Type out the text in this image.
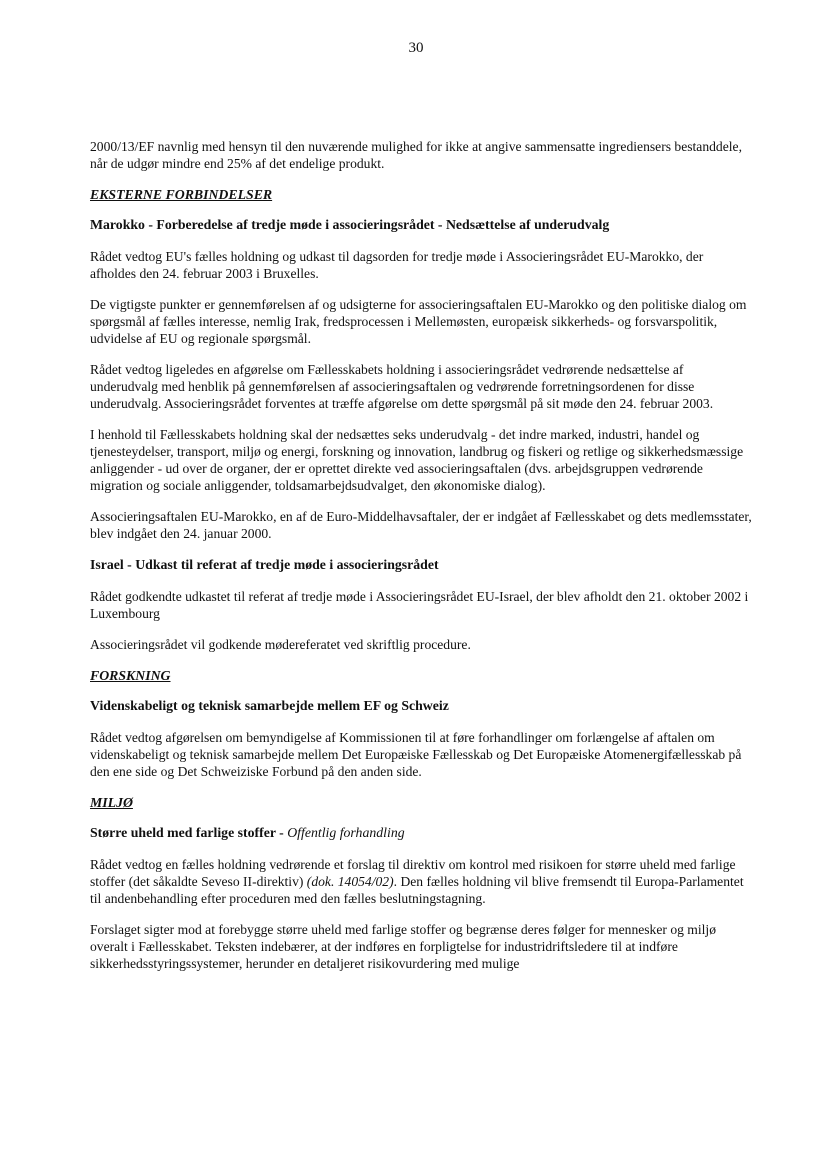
30

2000/13/EF navnlig med hensyn til den nuværende mulighed for ikke at angive sammensatte ingrediensers bestanddele, når de udgør mindre end 25% af det endelige produkt.

EKSTERNE FORBINDELSER
Marokko - Forberedelse af tredje møde i associeringsrådet - Nedsættelse af underudvalg

Rådet vedtog EU's fælles holdning og udkast til dagsorden for tredje møde i Associeringsrådet EU-Marokko, der afholdes den 24. februar 2003 i Bruxelles.

De vigtigste punkter er gennemførelsen af og udsigterne for associeringsaftalen EU-Marokko og den politiske dialog om spørgsmål af fælles interesse, nemlig Irak, fredsprocessen i Mellemøsten, europæisk sikkerheds- og forsvarspolitik, udvidelse af EU og regionale spørgsmål.

Rådet vedtog ligeledes en afgørelse om Fællesskabets holdning i associeringsrådet vedrørende nedsættelse af underudvalg med henblik på gennemførelsen af associeringsaftalen og vedrørende forretningsordenen for disse underudvalg. Associeringsrådet forventes at træffe afgørelse om dette spørgsmål på sit møde den 24. februar 2003.

I henhold til Fællesskabets holdning skal der nedsættes seks underudvalg - det indre marked, industri, handel og tjenesteydelser, transport, miljø og energi, forskning og innovation, landbrug og fiskeri og retlige og sikkerhedsmæssige anliggender - ud over de organer, der er oprettet direkte ved associeringsaftalen (dvs. arbejdsgruppen vedrørende migration og sociale anliggender, toldsamarbejdsudvalget, den økonomiske dialog).

Associeringsaftalen EU-Marokko, en af de Euro-Middelhavsaftaler, der er indgået af Fællesskabet og dets medlemsstater, blev indgået den 24. januar 2000.

Israel - Udkast til referat af tredje møde i associeringsrådet

Rådet godkendte udkastet til referat af tredje møde i Associeringsrådet EU-Israel, der blev afholdt den 21. oktober 2002 i Luxembourg

Associeringsrådet vil godkende mødereferatet ved skriftlig procedure.

FORSKNING
Videnskabeligt og teknisk samarbejde mellem EF og Schweiz

Rådet vedtog afgørelsen om bemyndigelse af Kommissionen til at føre forhandlinger om forlængelse af aftalen om videnskabeligt og teknisk samarbejde mellem Det Europæiske Fællesskab og Det Europæiske Atomenergifællesskab på den ene side og Det Schweiziske Forbund på den anden side.

MILJØ
Større uheld med farlige stoffer - Offentlig forhandling

Rådet vedtog en fælles holdning vedrørende et forslag til direktiv om kontrol med risikoen for større uheld med farlige stoffer (det såkaldte Seveso II-direktiv) (dok. 14054/02). Den fælles holdning vil blive fremsendt til Europa-Parlamentet til andenbehandling efter proceduren med den fælles beslutningstagning.

Forslaget sigter mod at forebygge større uheld med farlige stoffer og begrænse deres følger for mennesker og miljø overalt i Fællesskabet. Teksten indebærer, at der indføres en forpligtelse for industridriftsledere til at indføre sikkerhedsstyringssystemer, herunder en detaljeret risikovurdering med mulige
